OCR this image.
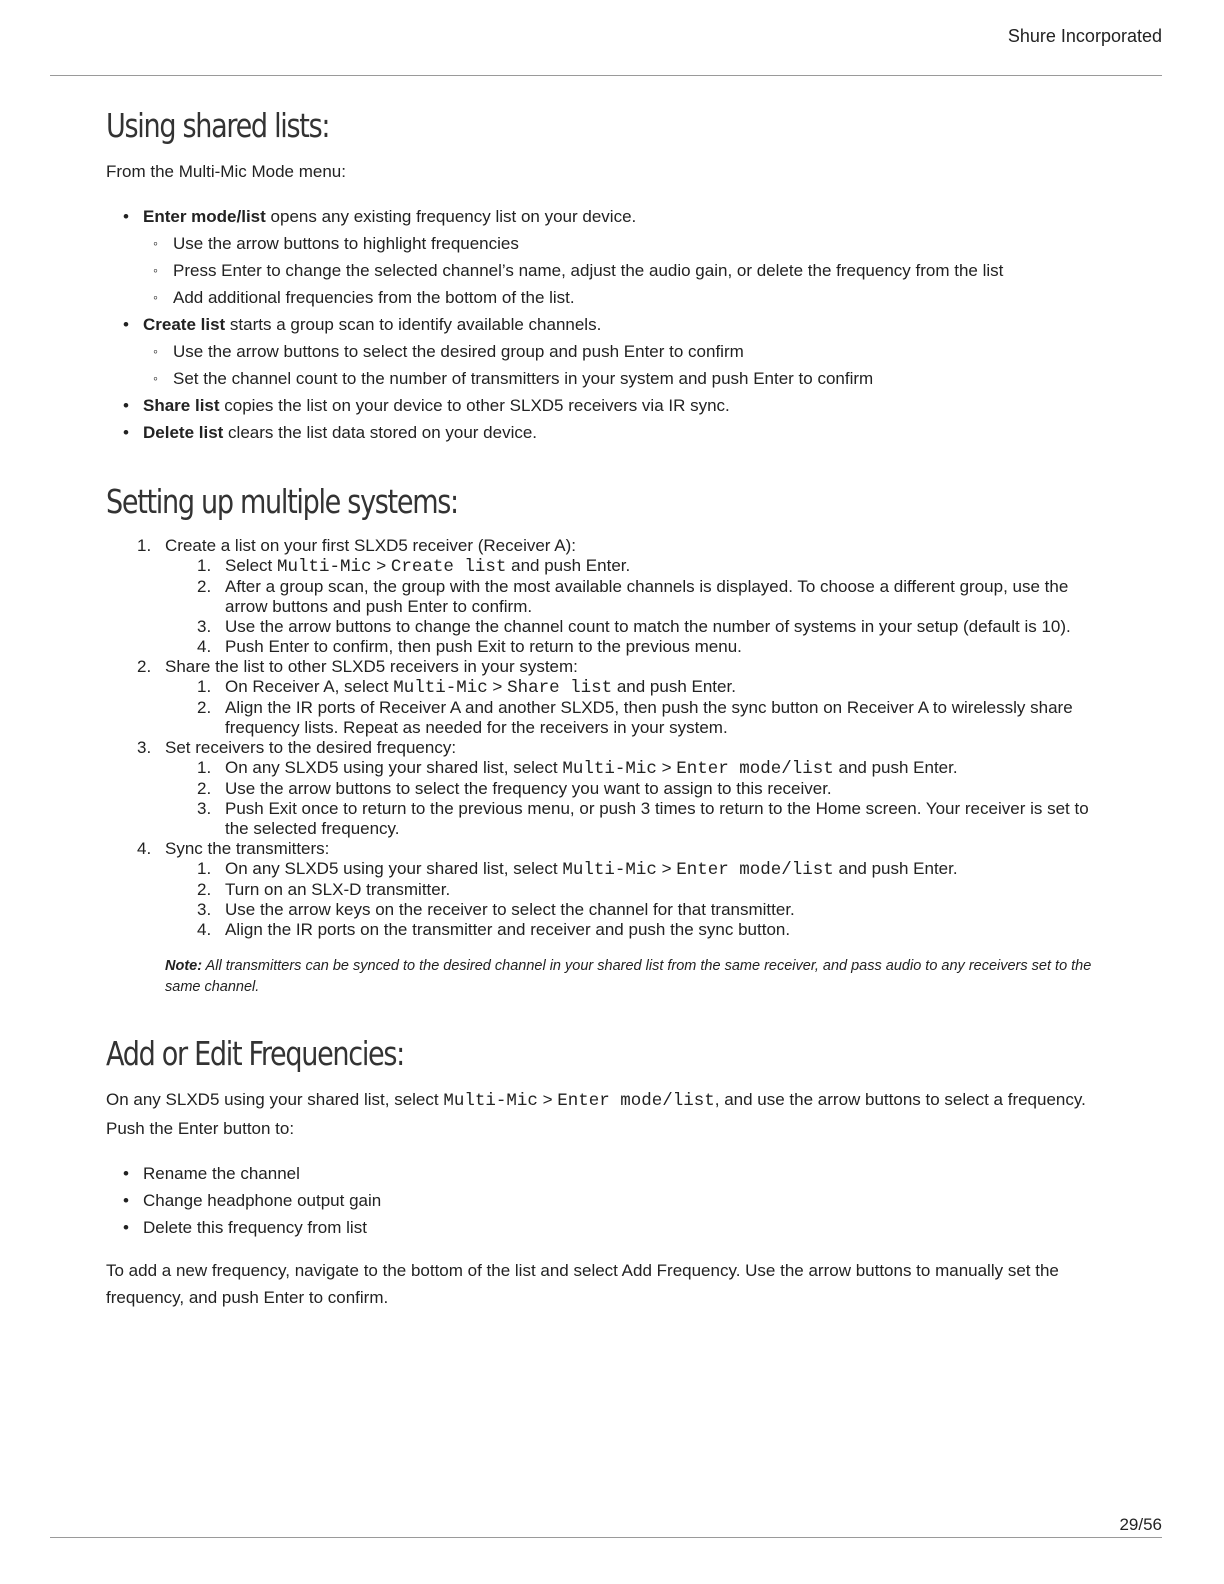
Shure Incorporated
Using shared lists:

From the Multi-Mic Mode menu:

• Enter mode/list opens any existing frequency list on your device.
◦ Use the arrow buttons to highlight frequencies
◦ Press Enter to change the selected channel’s name, adjust the audio gain, or delete the frequency from the list
◦ Add additional frequencies from the bottom of the list.
• Create list starts a group scan to identify available channels.
◦ Use the arrow buttons to select the desired group and push Enter to confirm
◦ Set the channel count to the number of transmitters in your system and push Enter to confirm
• Share list copies the list on your device to other SLXD5 receivers via IR sync.
• Delete list clears the list data stored on your device.
Setting up multiple systems:
1. Create a list on your first SLXD5 receiver (Receiver A):
1. Select Multi-Mic > Create list and push Enter.
2. After a group scan, the group with the most available channels is displayed. To choose a different group, use the arrow buttons and push Enter to confirm.
3. Use the arrow buttons to change the channel count to match the number of systems in your setup (default is 10).
4. Push Enter to confirm, then push Exit to return to the previous menu.
2. Share the list to other SLXD5 receivers in your system:
1. On Receiver A, select Multi-Mic > Share list and push Enter.
2. Align the IR ports of Receiver A and another SLXD5, then push the sync button on Receiver A to wirelessly share frequency lists. Repeat as needed for the receivers in your system.
3. Set receivers to the desired frequency:
1. On any SLXD5 using your shared list, select Multi-Mic > Enter mode/list and push Enter.
2. Use the arrow buttons to select the frequency you want to assign to this receiver.
3. Push Exit once to return to the previous menu, or push 3 times to return to the Home screen. Your receiver is set to the selected frequency.
4. Sync the transmitters:
1. On any SLXD5 using your shared list, select Multi-Mic > Enter mode/list and push Enter.
2. Turn on an SLX-D transmitter.
3. Use the arrow keys on the receiver to select the channel for that transmitter.
4. Align the IR ports on the transmitter and receiver and push the sync button.

Note: All transmitters can be synced to the desired channel in your shared list from the same receiver, and pass audio to any receivers set to the same channel.

Add or Edit Frequencies:

On any SLXD5 using your shared list, select Multi-Mic > Enter mode/list, and use the arrow buttons to select a frequency. Push the Enter button to:

• Rename the channel
• Change headphone output gain
• Delete this frequency from list

To add a new frequency, navigate to the bottom of the list and select Add Frequency. Use the arrow buttons to manually set the frequency, and push Enter to confirm.

29/56
